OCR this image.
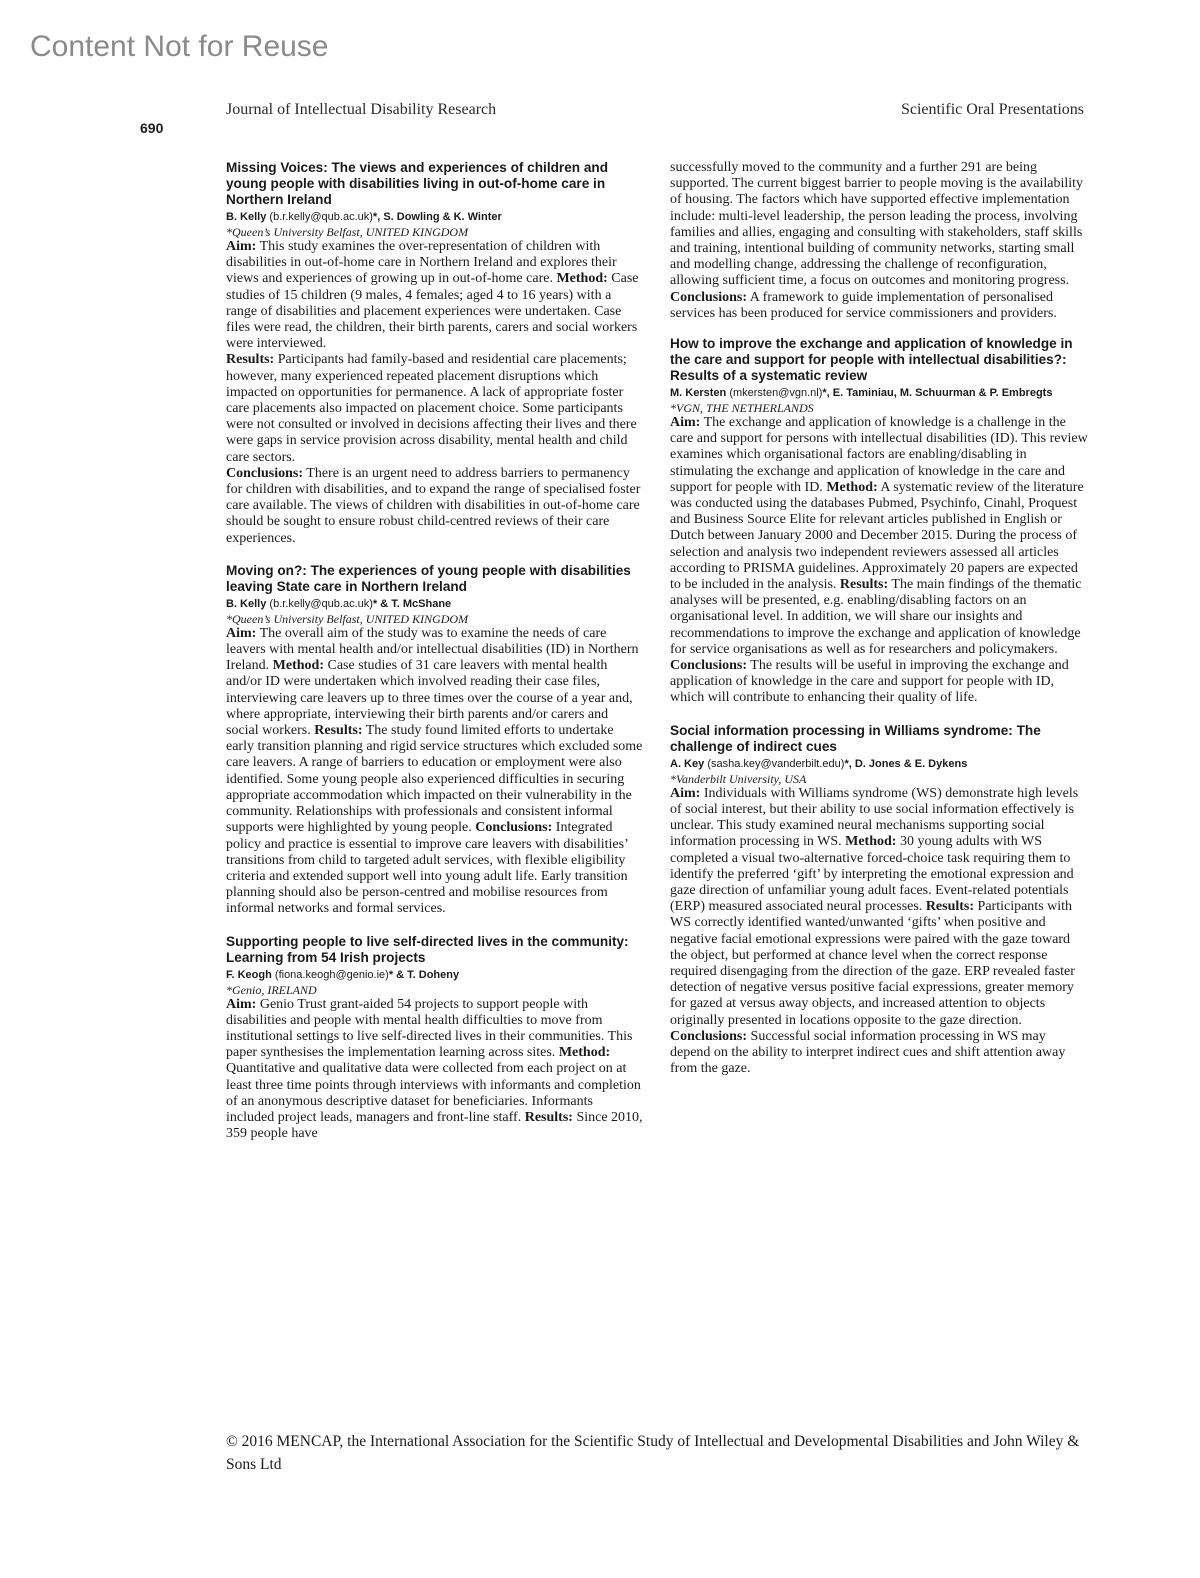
Content Not for Reuse
Journal of Intellectual Disability Research	Scientific Oral Presentations
690

Missing Voices: The views and experiences of children and young people with disabilities living in out-of-home care in Northern Ireland

B. Kelly (b.r.kelly@qub.ac.uk)*, S. Dowling & K. Winter

*Queen’s University Belfast, UNITED KINGDOM

Aim: This study examines the over-representation of children with disabilities in out-of-home care in Northern Ireland and explores their views and experiences of growing up in out-of-home care. Method: Case studies of 15 children (9 males, 4 females; aged 4 to 16 years) with a range of disabilities and placement experiences were undertaken. Case files were read, the children, their birth parents, carers and social workers were interviewed.
Results: Participants had family-based and residential care placements; however, many experienced repeated placement disruptions which impacted on opportunities for permanence. A lack of appropriate foster care placements also impacted on placement choice. Some participants were not consulted or involved in decisions affecting their lives and there were gaps in service provision across disability, mental health and child care sectors.
Conclusions: There is an urgent need to address barriers to permanency for children with disabilities, and to expand the range of specialised foster care available. The views of children with disabilities in out-of-home care should be sought to ensure robust child-centred reviews of their care experiences.

Moving on?: The experiences of young people with disabilities leaving State care in Northern Ireland

B. Kelly (b.r.kelly@qub.ac.uk)* & T. McShane

*Queen’s University Belfast, UNITED KINGDOM

Aim: The overall aim of the study was to examine the needs of care leavers with mental health and/or intellectual disabilities (ID) in Northern Ireland. Method: Case studies of 31 care leavers with mental health and/or ID were undertaken which involved reading their case files, interviewing care leavers up to three times over the course of a year and, where appropriate, interviewing their birth parents and/or carers and social workers. Results: The study found limited efforts to undertake early transition planning and rigid service structures which excluded some care leavers. A range of barriers to education or employment were also identified. Some young people also experienced difficulties in securing appropriate accommodation which impacted on their vulnerability in the community. Relationships with professionals and consistent informal supports were highlighted by young people. Conclusions: Integrated policy and practice is essential to improve care leavers with disabilities’ transitions from child to targeted adult services, with flexible eligibility criteria and extended support well into young adult life. Early transition planning should also be person-centred and mobilise resources from informal networks and formal services.

Supporting people to live self-directed lives in the community: Learning from 54 Irish projects

F. Keogh (fiona.keogh@genio.ie)* & T. Doheny

*Genio, IRELAND

Aim: Genio Trust grant-aided 54 projects to support people with disabilities and people with mental health difficulties to move from institutional settings to live self-directed lives in their communities. This paper synthesises the implementation learning across sites. Method: Quantitative and qualitative data were collected from each project on at least three time points through interviews with informants and completion of an anonymous descriptive dataset for beneficiaries. Informants included project leads, managers and front-line staff. Results: Since 2010, 359 people have

successfully moved to the community and a further 291 are being supported. The current biggest barrier to people moving is the availability of housing. The factors which have supported effective implementation include: multi-level leadership, the person leading the process, involving families and allies, engaging and consulting with stakeholders, staff skills and training, intentional building of community networks, starting small and modelling change, addressing the challenge of reconfiguration, allowing sufficient time, a focus on outcomes and monitoring progress. Conclusions: A framework to guide implementation of personalised services has been produced for service commissioners and providers.

How to improve the exchange and application of knowledge in the care and support for people with intellectual disabilities?: Results of a systematic review

M. Kersten (mkersten@vgn.nl)*, E. Taminiau, M. Schuurman & P. Embregts

*VGN, THE NETHERLANDS

Aim: The exchange and application of knowledge is a challenge in the care and support for persons with intellectual disabilities (ID). This review examines which organisational factors are enabling/disabling in stimulating the exchange and application of knowledge in the care and support for people with ID. Method: A systematic review of the literature was conducted using the databases Pubmed, Psychinfo, Cinahl, Proquest and Business Source Elite for relevant articles published in English or Dutch between January 2000 and December 2015. During the process of selection and analysis two independent reviewers assessed all articles according to PRISMA guidelines. Approximately 20 papers are expected to be included in the analysis. Results: The main findings of the thematic analyses will be presented, e.g. enabling/disabling factors on an organisational level. In addition, we will share our insights and recommendations to improve the exchange and application of knowledge for service organisations as well as for researchers and policymakers. Conclusions: The results will be useful in improving the exchange and application of knowledge in the care and support for people with ID, which will contribute to enhancing their quality of life.

Social information processing in Williams syndrome: The challenge of indirect cues

A. Key (sasha.key@vanderbilt.edu)*, D. Jones & E. Dykens

*Vanderbilt University, USA

Aim: Individuals with Williams syndrome (WS) demonstrate high levels of social interest, but their ability to use social information effectively is unclear. This study examined neural mechanisms supporting social information processing in WS. Method: 30 young adults with WS completed a visual two-alternative forced-choice task requiring them to identify the preferred ‘gift’ by interpreting the emotional expression and gaze direction of unfamiliar young adult faces. Event-related potentials (ERP) measured associated neural processes. Results: Participants with WS correctly identified wanted/unwanted ‘gifts’ when positive and negative facial emotional expressions were paired with the gaze toward the object, but performed at chance level when the correct response required disengaging from the direction of the gaze. ERP revealed faster detection of negative versus positive facial expressions, greater memory for gazed at versus away objects, and increased attention to objects originally presented in locations opposite to the gaze direction. Conclusions: Successful social information processing in WS may depend on the ability to interpret indirect cues and shift attention away from the gaze.

© 2016 MENCAP, the International Association for the Scientific Study of Intellectual and Developmental Disabilities and John Wiley & Sons Ltd
